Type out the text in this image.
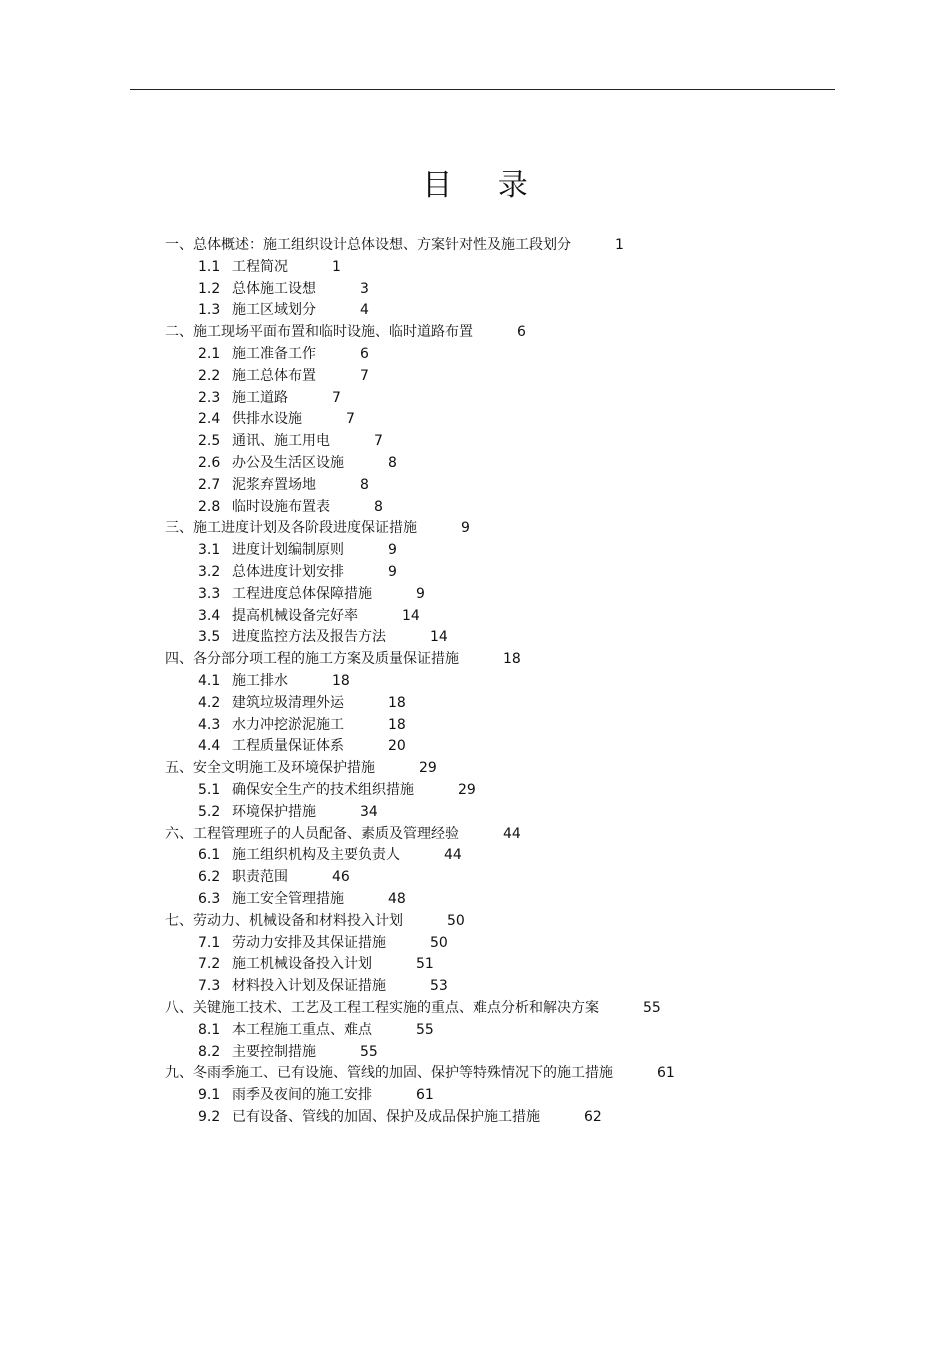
目 录
一、总体概述：施工组织设计总体设想、方案针对性及施工段划分	1
1.1 工程简况	1
1.2 总体施工设想	3
1.3 施工区域划分	4
二、施工现场平面布置和临时设施、临时道路布置	6
2.1 施工准备工作	6
2.2 施工总体布置	7
2.3 施工道路	7
2.4 供排水设施	7
2.5 通讯、施工用电	7
2.6 办公及生活区设施	8
2.7 泥浆弃置场地	8
2.8 临时设施布置表	8
三、施工进度计划及各阶段进度保证措施	9
3.1 进度计划编制原则	9
3.2 总体进度计划安排	9
3.3 工程进度总体保障措施	9
3.4 提高机械设备完好率	14
3.5 进度监控方法及报告方法	14
四、各分部分项工程的施工方案及质量保证措施	18
4.1 施工排水	18
4.2 建筑垃圾清理外运	18
4.3 水力冲挖淤泥施工	18
4.4 工程质量保证体系	20
五、安全文明施工及环境保护措施	29
5.1 确保安全生产的技术组织措施	29
5.2 环境保护措施	34
六、工程管理班子的人员配备、素质及管理经验	44
6.1 施工组织机构及主要负责人	44
6.2 职责范围	46
6.3 施工安全管理措施	48
七、劳动力、机械设备和材料投入计划	50
7.1 劳动力安排及其保证措施	50
7.2 施工机械设备投入计划	51
7.3 材料投入计划及保证措施	53
八、关键施工技术、工艺及工程工程实施的重点、难点分析和解决方案	55
8.1 本工程施工重点、难点	55
8.2 主要控制措施	55
九、冬雨季施工、已有设施、管线的加固、保护等特殊情况下的施工措施	61
9.1 雨季及夜间的施工安排	61
9.2 已有设备、管线的加固、保护及成品保护施工措施	62
